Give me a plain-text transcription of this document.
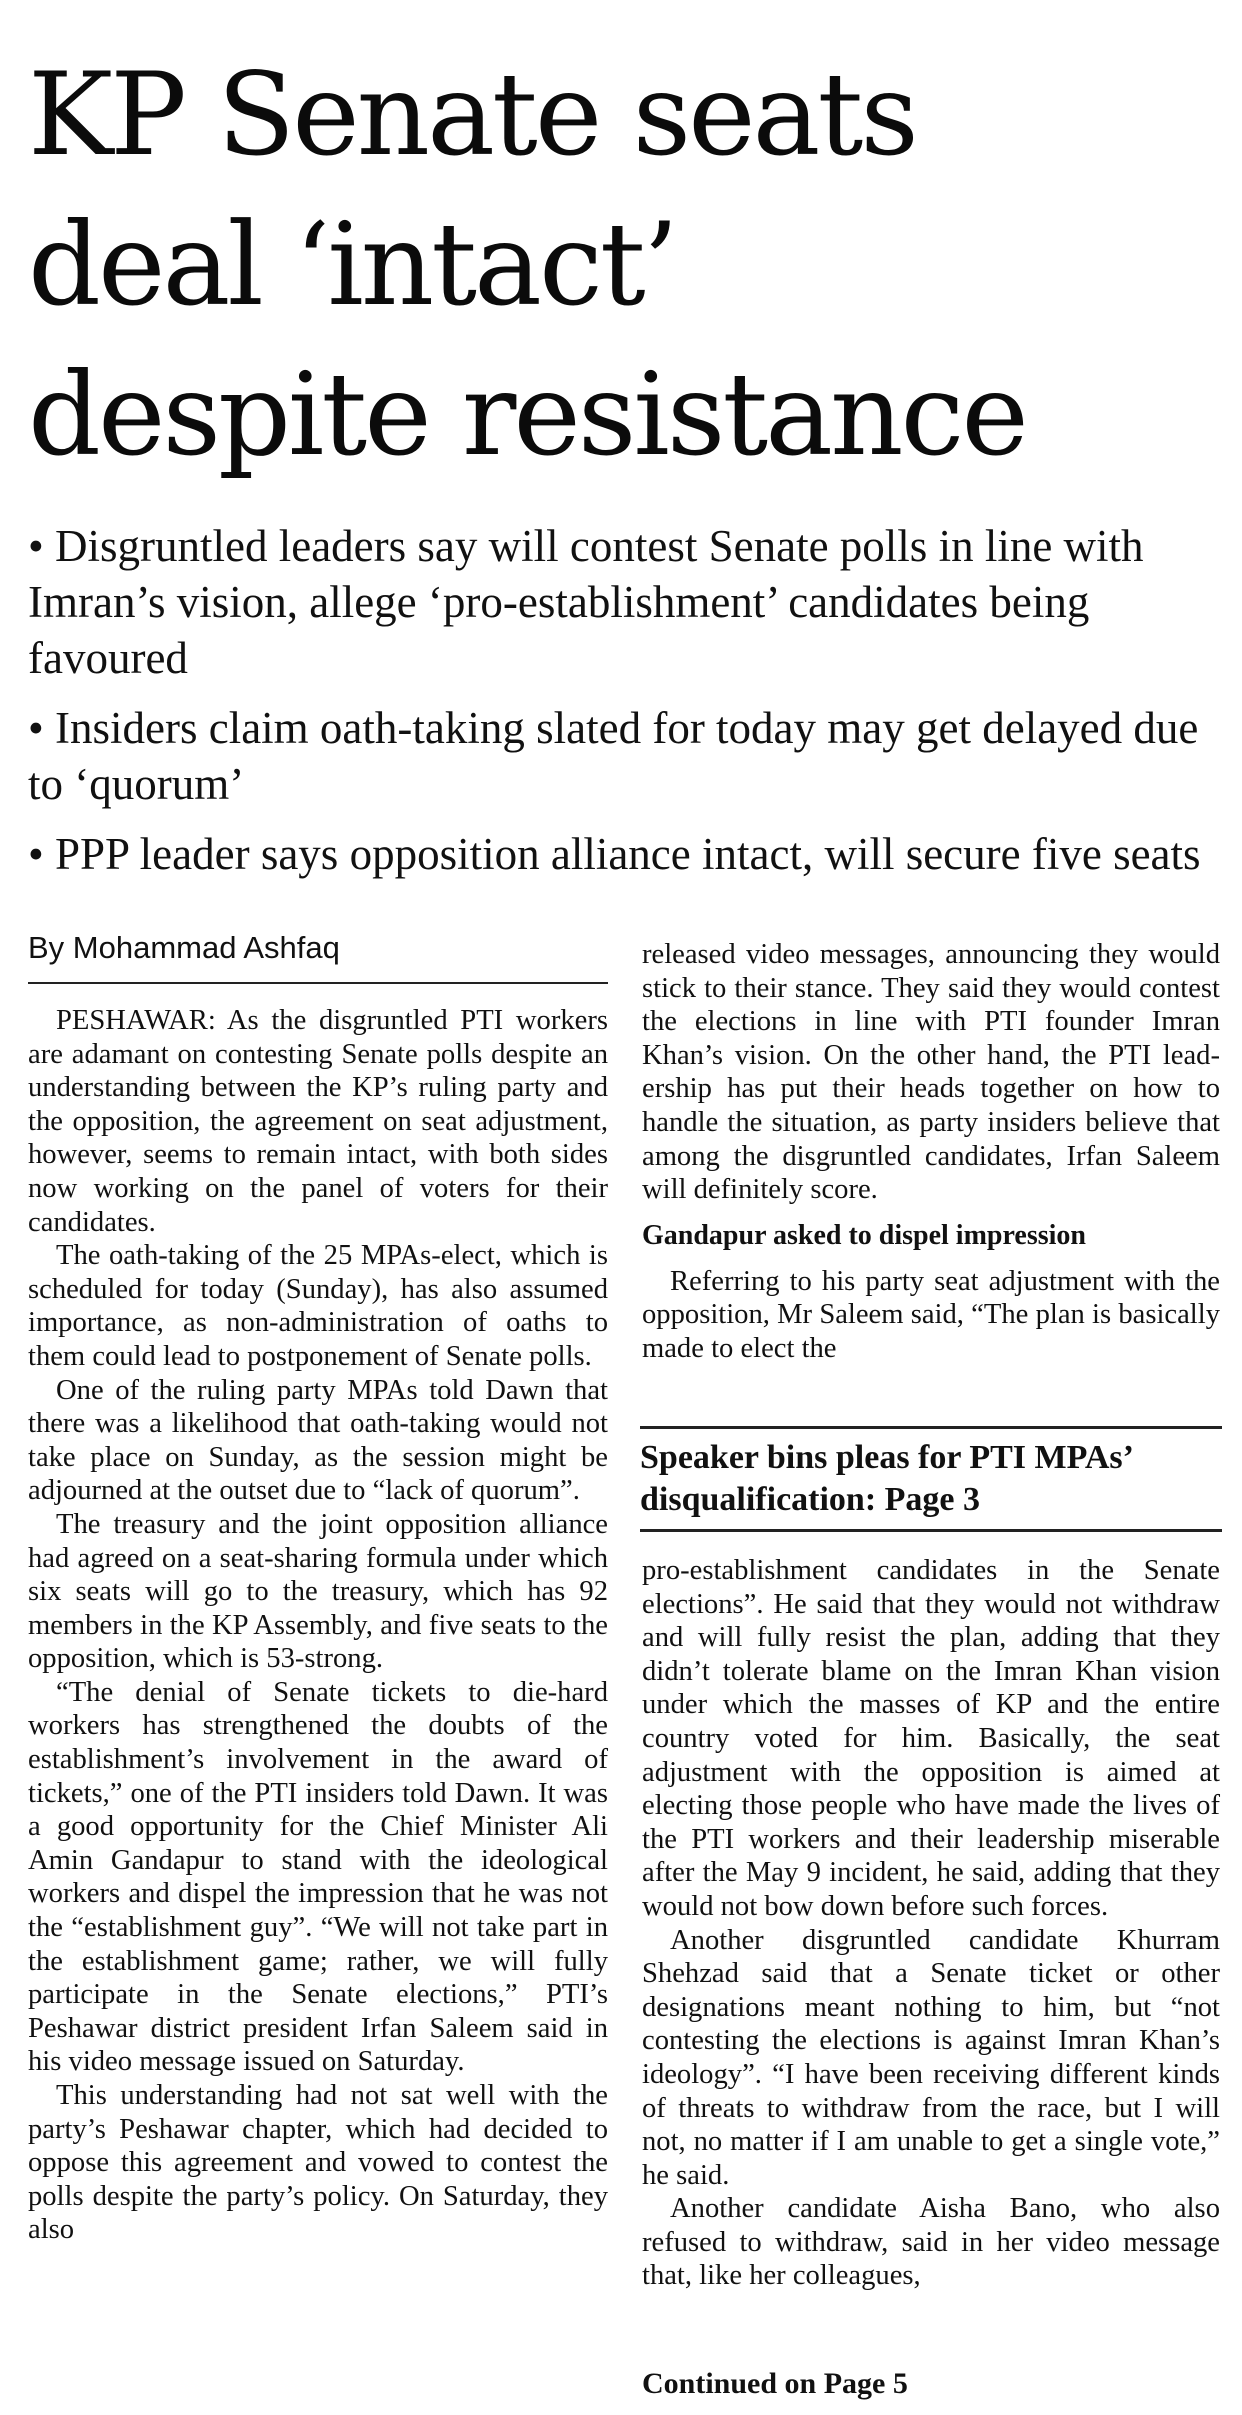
KP Senate seats
deal ‘intact’
despite resistance

• Disgruntled leaders say will contest Senate polls in line with Imran’s vision, allege ‘pro-establishment’ candidates being favoured

• Insiders claim oath-taking slated for today may get delayed due to ‘quorum’

• PPP leader says opposition alliance intact, will secure five seats

By Mohammad Ashfaq

PESHAWAR: As the disgruntled PTI workers are adamant on contesting Senate polls despite an understanding between the KP’s ruling party and the opposition, the agreement on seat adjustment, however, seems to remain intact, with both sides now working on the panel of voters for their candidates.

The oath-taking of the 25 MPAs-elect, which is scheduled for today (Sunday), has also assumed importance, as non-administration of oaths to them could lead to postponement of Senate polls.

One of the ruling party MPAs told Dawn that there was a likelihood that oath-taking would not take place on Sunday, as the session might be adjourned at the outset due to “lack of quorum”.

The treasury and the joint opposition alliance had agreed on a seat-sharing formula under which six seats will go to the treasury, which has 92 members in the KP Assembly, and five seats to the opposition, which is 53-strong.

“The denial of Senate tickets to die-hard workers has strengthened the doubts of the establishment’s involvement in the award of tickets,” one of the PTI insiders told Dawn. It was a good opportunity for the Chief Minister Ali Amin Gandapur to stand with the ideological workers and dispel the impression that he was not the “establishment guy”. “We will not take part in the establishment game; rather, we will fully participate in the Senate elections,” PTI’s Peshawar district president Irfan Saleem said in his video message issued on Saturday.

This understanding had not sat well with the party’s Peshawar chapter, which had decided to oppose this agreement and vowed to contest the polls despite the party’s policy. On Saturday, they also

released video messages, announcing they would stick to their stance. They said they would contest the elections in line with PTI founder Imran Khan’s vision. On the other hand, the PTI leadership has put their heads together on how to handle the situation, as party insiders believe that among the disgruntled candidates, Irfan Saleem will definitely score.

Gandapur asked to dispel impression

Referring to his party seat adjustment with the opposition, Mr Saleem said, “The plan is basically made to elect the

Speaker bins pleas for PTI MPAs’ disqualification: Page 3

pro-establishment candidates in the Senate elections”. He said that they would not withdraw and will fully resist the plan, adding that they didn’t tolerate blame on the Imran Khan vision under which the masses of KP and the entire country voted for him. Basically, the seat adjustment with the opposition is aimed at electing those people who have made the lives of the PTI workers and their leadership miserable after the May 9 incident, he said, adding that they would not bow down before such forces.

Another disgruntled candidate Khurram Shehzad said that a Senate ticket or other designations meant nothing to him, but “not contesting the elections is against Imran Khan’s ideology”. “I have been receiving different kinds of threats to withdraw from the race, but I will not, no matter if I am unable to get a single vote,” he said.

Another candidate Aisha Bano, who also refused to withdraw, said in her video message that, like her colleagues,

Continued on Page 5
